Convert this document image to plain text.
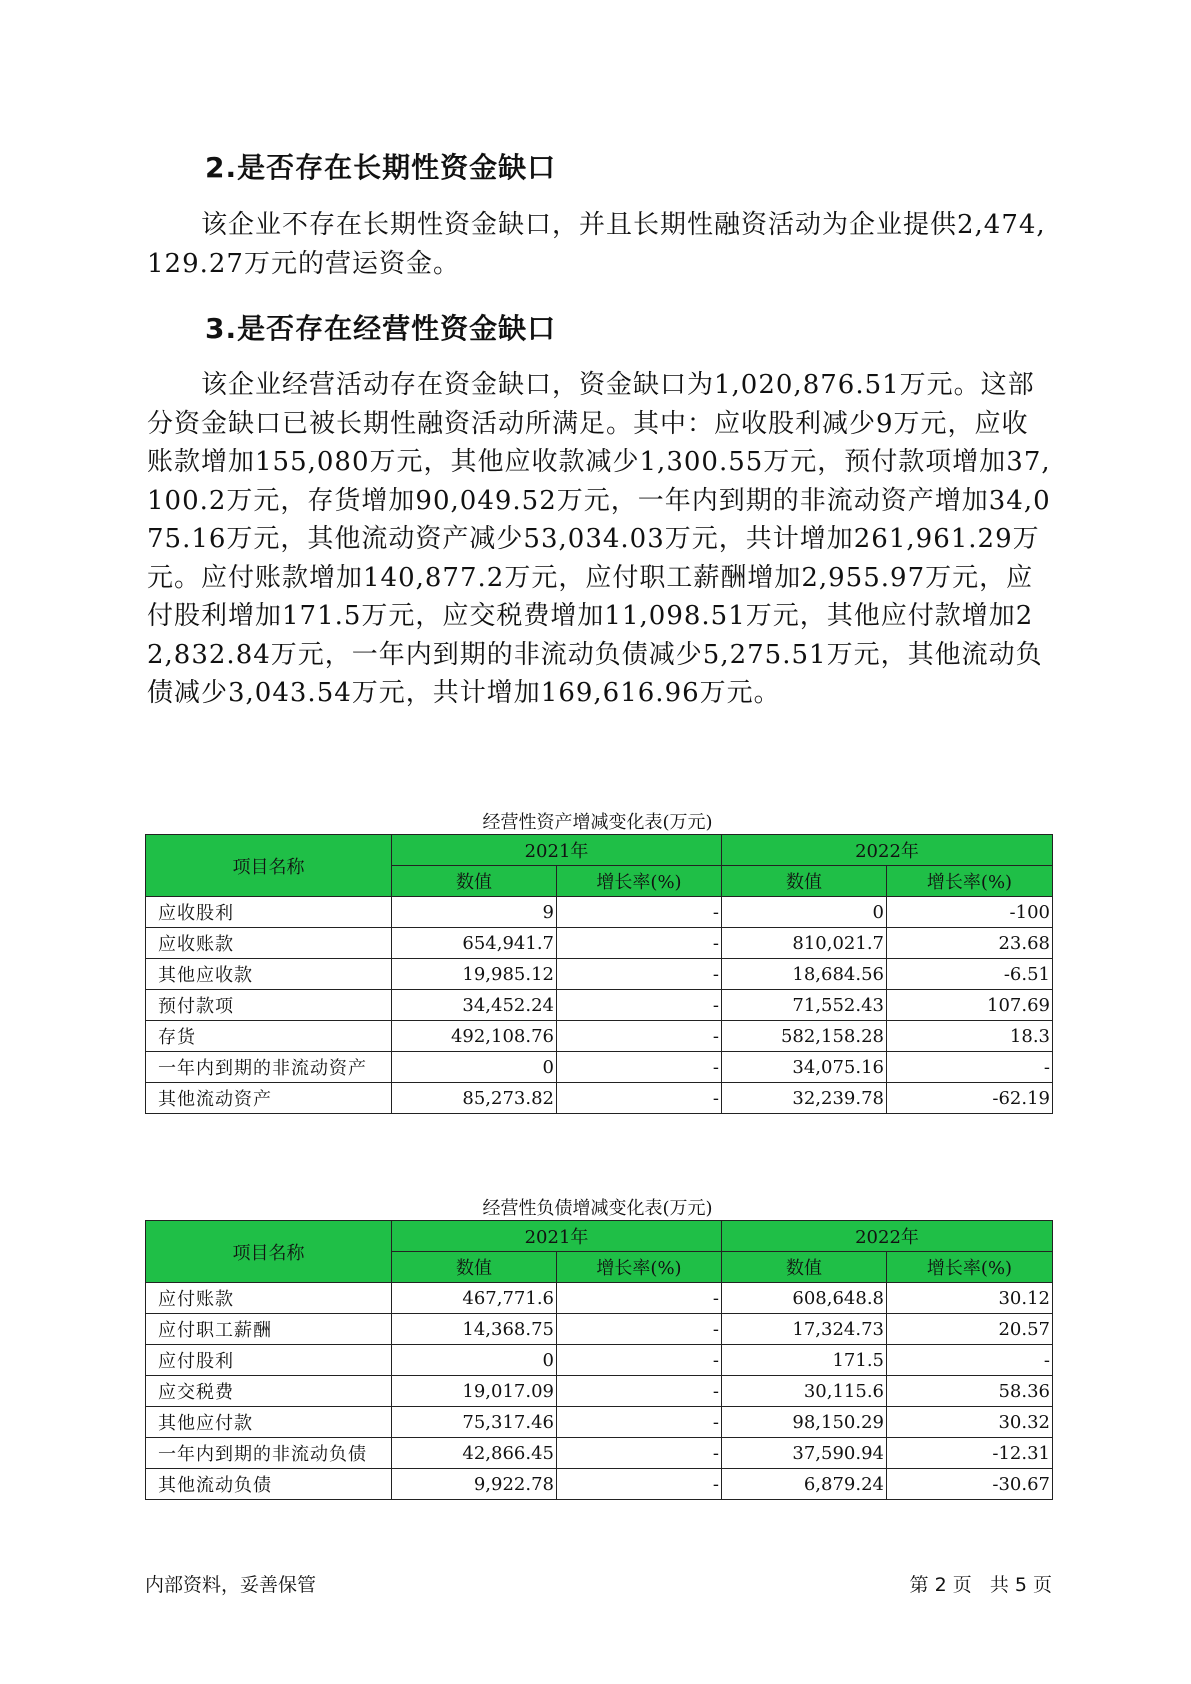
2.是否存在长期性资金缺口

该企业不存在长期性资金缺口，并且长期性融资活动为企业提供2,474,129.27万元的营运资金。

3.是否存在经营性资金缺口

该企业经营活动存在资金缺口，资金缺口为1,020,876.51万元。这部分资金缺口已被长期性融资活动所满足。其中：应收股利减少9万元，应收账款增加155,080万元，其他应收款减少1,300.55万元，预付款项增加37,100.2万元，存货增加90,049.52万元，一年内到期的非流动资产增加34,075.16万元，其他流动资产减少53,034.03万元，共计增加261,961.29万元。应付账款增加140,877.2万元，应付职工薪酬增加2,955.97万元，应付股利增加171.5万元，应交税费增加11,098.51万元，其他应付款增加22,832.84万元，一年内到期的非流动负债减少5,275.51万元，其他流动负债减少3,043.54万元，共计增加169,616.96万元。

经营性资产增减变化表(万元)
项目名称	2021年		2022年	
	数值	增长率(%)	数值	增长率(%)
应收股利	9	-	0	-100
应收账款	654,941.7	-	810,021.7	23.68
其他应收款	19,985.12	-	18,684.56	-6.51
预付款项	34,452.24	-	71,552.43	107.69
存货	492,108.76	-	582,158.28	18.3
一年内到期的非流动资产	0	-	34,075.16	-
其他流动资产	85,273.82	-	32,239.78	-62.19
经营性负债增减变化表(万元)
项目名称	2021年		2022年	
	数值	增长率(%)	数值	增长率(%)
应付账款	467,771.6	-	608,648.8	30.12
应付职工薪酬	14,368.75	-	17,324.73	20.57
应付股利	0	-	171.5	-
应交税费	19,017.09	-	30,115.6	58.36
其他应付款	75,317.46	-	98,150.29	30.32
一年内到期的非流动负债	42,866.45	-	37,590.94	-12.31
其他流动负债	9,922.78	-	6,879.24	-30.67
内部资料，妥善保管	第 2 页   共 5 页
